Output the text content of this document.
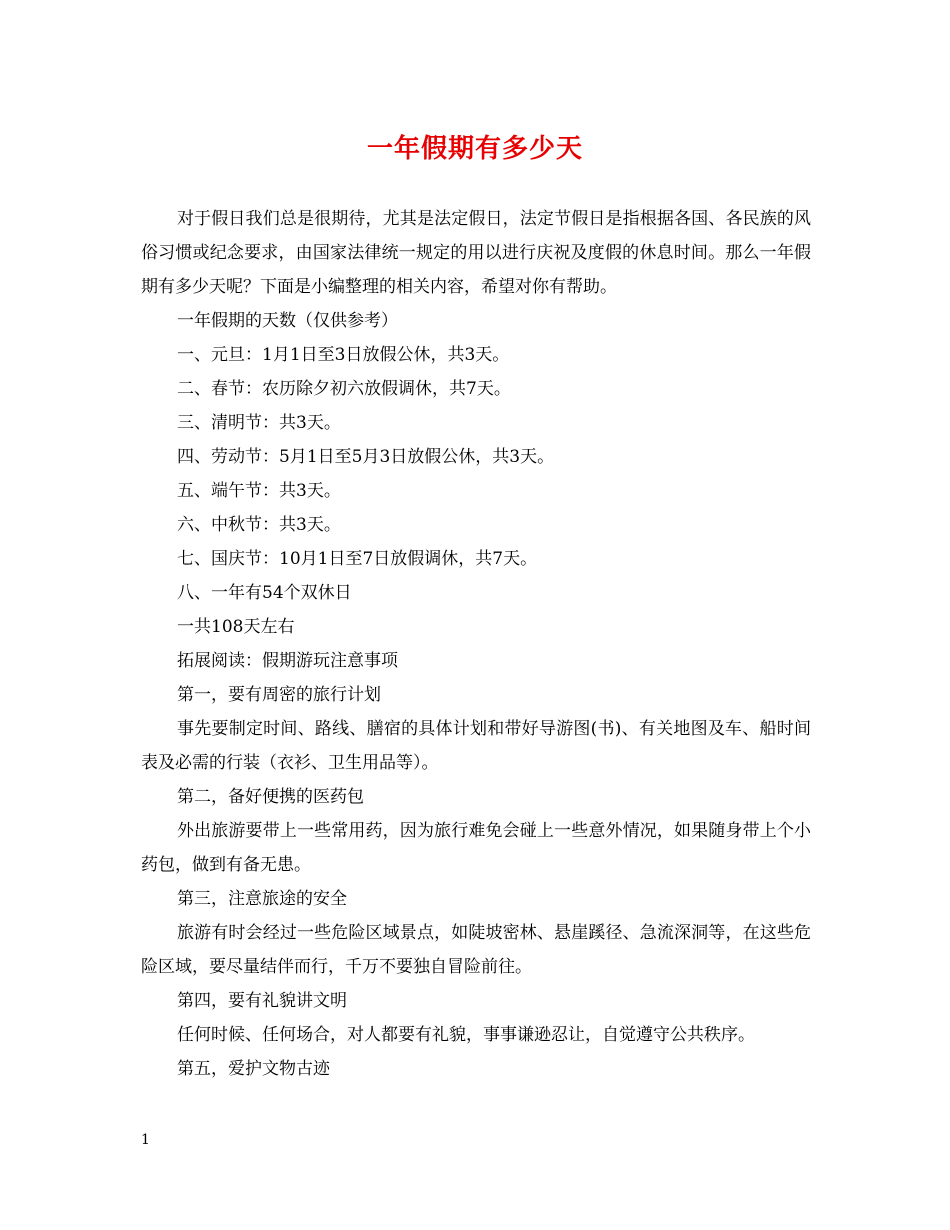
一年假期有多少天

对于假日我们总是很期待，尤其是法定假日，法定节假日是指根据各国、各民族的风俗习惯或纪念要求，由国家法律统一规定的用以进行庆祝及度假的休息时间。那么一年假期有多少天呢？下面是小编整理的相关内容，希望对你有帮助。

一年假期的天数（仅供参考）

一、元旦：1月1日至3日放假公休，共3天。

二、春节：农历除夕初六放假调休，共7天。

三、清明节：共3天。

四、劳动节：5月1日至5月3日放假公休，共3天。

五、端午节：共3天。

六、中秋节：共3天。

七、国庆节：10月1日至7日放假调休，共7天。

八、一年有54个双休日

一共108天左右

拓展阅读：假期游玩注意事项

第一，要有周密的旅行计划

事先要制定时间、路线、膳宿的具体计划和带好导游图(书)、有关地图及车、船时间表及必需的行装（衣衫、卫生用品等）。

第二，备好便携的医药包

外出旅游要带上一些常用药，因为旅行难免会碰上一些意外情况，如果随身带上个小药包，做到有备无患。

第三，注意旅途的安全

旅游有时会经过一些危险区域景点，如陡坡密林、悬崖蹊径、急流深洞等，在这些危险区域，要尽量结伴而行，千万不要独自冒险前往。

第四，要有礼貌讲文明

任何时候、任何场合，对人都要有礼貌，事事谦逊忍让，自觉遵守公共秩序。

第五，爱护文物古迹

1
